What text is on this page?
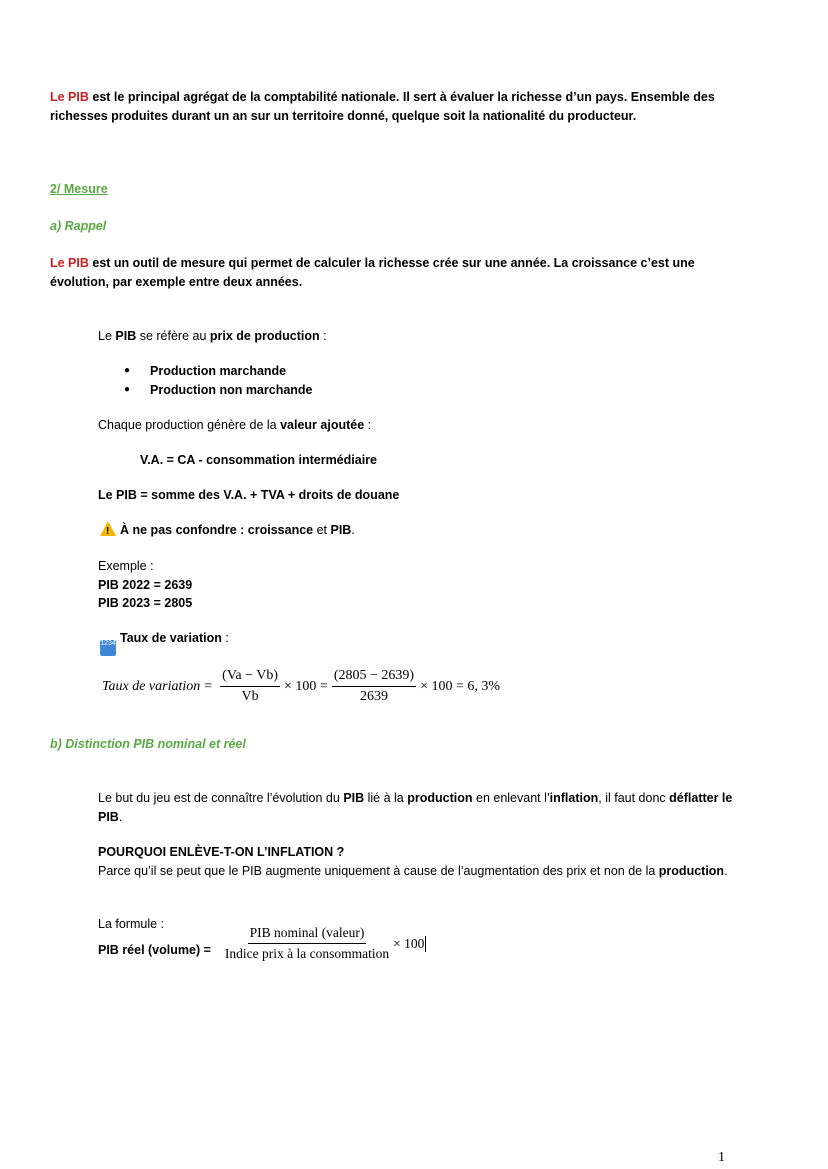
Le PIB est le principal agrégat de la comptabilité nationale. Il sert à évaluer la richesse d’un pays. Ensemble des richesses produites durant un an sur un territoire donné, quelque soit la nationalité du producteur.

2/ Mesure
a) Rappel

Le PIB est un outil de mesure qui permet de calculer la richesse crée sur une année. La croissance c’est une évolution, par exemple entre deux années.

Le PIB se réfère au prix de production :
● Production marchande
● Production non marchande
Chaque production génère de la valeur ajoutée :
V.A. = CA - consommation intermédiaire
Le PIB = somme des V.A. + TVA + droits de douane
!À ne pas confondre : croissance et PIB.
Exemple :
PIB 2022 = 2639
PIB 2023 = 2805
1234 Taux de variation :
Taux de variation = $\frac{(Va - Vb)}{Vb} \times 100 = \frac{(2805 - 2639)}{2639} \times 100 = 6$, 3%
b) Distinction PIB nominal et réel

Le but du jeu est de connaître l’évolution du PIB lié à la production en enlevant l’inflation, il faut donc déflatter le PIB.

POURQUOI ENLÈVE-T-ON L’INFLATION ?

Parce qu’il se peut que le PIB augmente uniquement à cause de l’augmentation des prix et non de la production.

La formule :
PIB réel (volume) = $\frac{\text{PIB nominal (valeur)}}{\text{Indice prix à la consommation}} \times 100$
1
